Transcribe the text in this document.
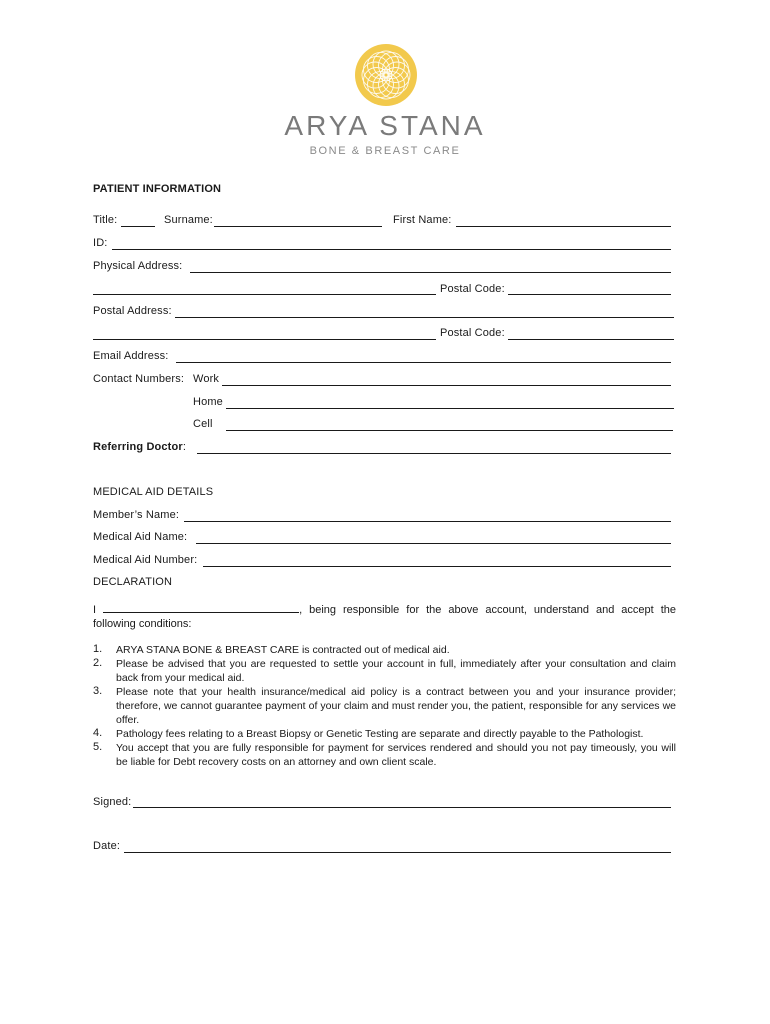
ARYA STANA
BONE & BREAST CARE
PATIENT INFORMATION
Title:	Surname:	First Name:
ID:
Physical Address:
Postal Code:
Postal Address:
Postal Code:
Email Address:
Contact Numbers: Work
Home
Cell
Referring Doctor:
MEDICAL AID DETAILS
Member’s Name:
Medical Aid Name:
Medical Aid Number:
DECLARATION
I	, being responsible for the above account, understand and accept the following conditions:
1. ARYA STANA BONE & BREAST CARE is contracted out of medical aid.
2. Please be advised that you are requested to settle your account in full, immediately after your consultation and claim back from your medical aid.
3. Please note that your health insurance/medical aid policy is a contract between you and your insurance provider; therefore, we cannot guarantee payment of your claim and must render you, the patient, responsible for any services we offer.
4. Pathology fees relating to a Breast Biopsy or Genetic Testing are separate and directly payable to the Pathologist.
5. You accept that you are fully responsible for payment for services rendered and should you not pay timeously, you will be liable for Debt recovery costs on an attorney and own client scale.
Signed:
Date:
